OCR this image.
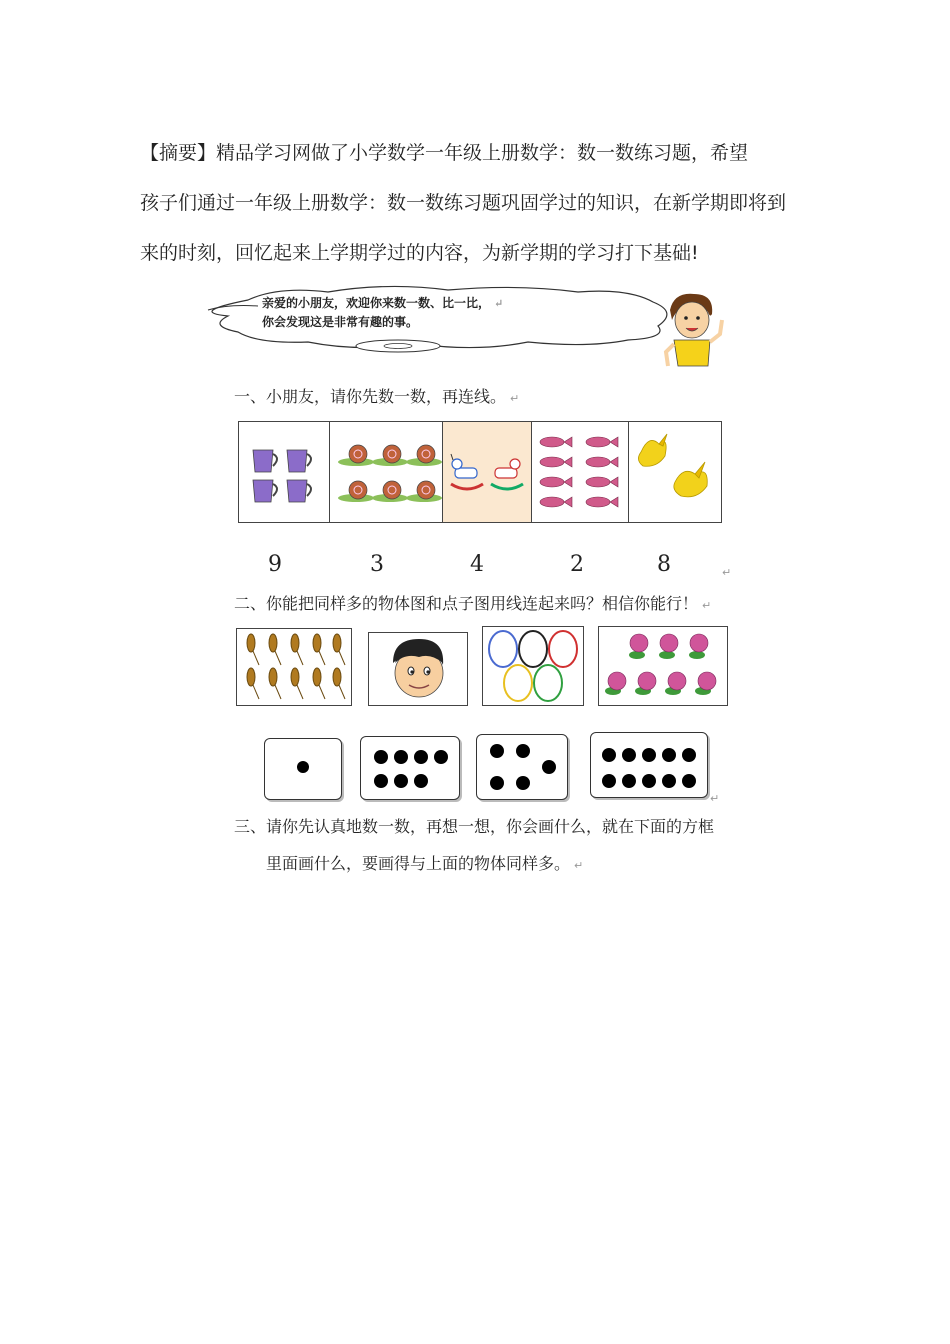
【摘要】精品学习网做了小学数学一年级上册数学：数一数练习题，希望

孩子们通过一年级上册数学：数一数练习题巩固学过的知识，在新学期即将到

来的时刻，回忆起来上学期学过的内容，为新学期的学习打下基础!

亲爱的小朋友，欢迎你来数一数、比一比， ↵
你会发现这是非常有趣的事。
一、小朋友，请你先数一数，再连线。 ↵
9	3	4	2	8	↵
二、你能把同样多的物体图和点子图用线连起来吗？相信你能行！ ↵
↵
三、请你先认真地数一数，再想一想，你会画什么，就在下面的方框
里面画什么，要画得与上面的物体同样多。 ↵
